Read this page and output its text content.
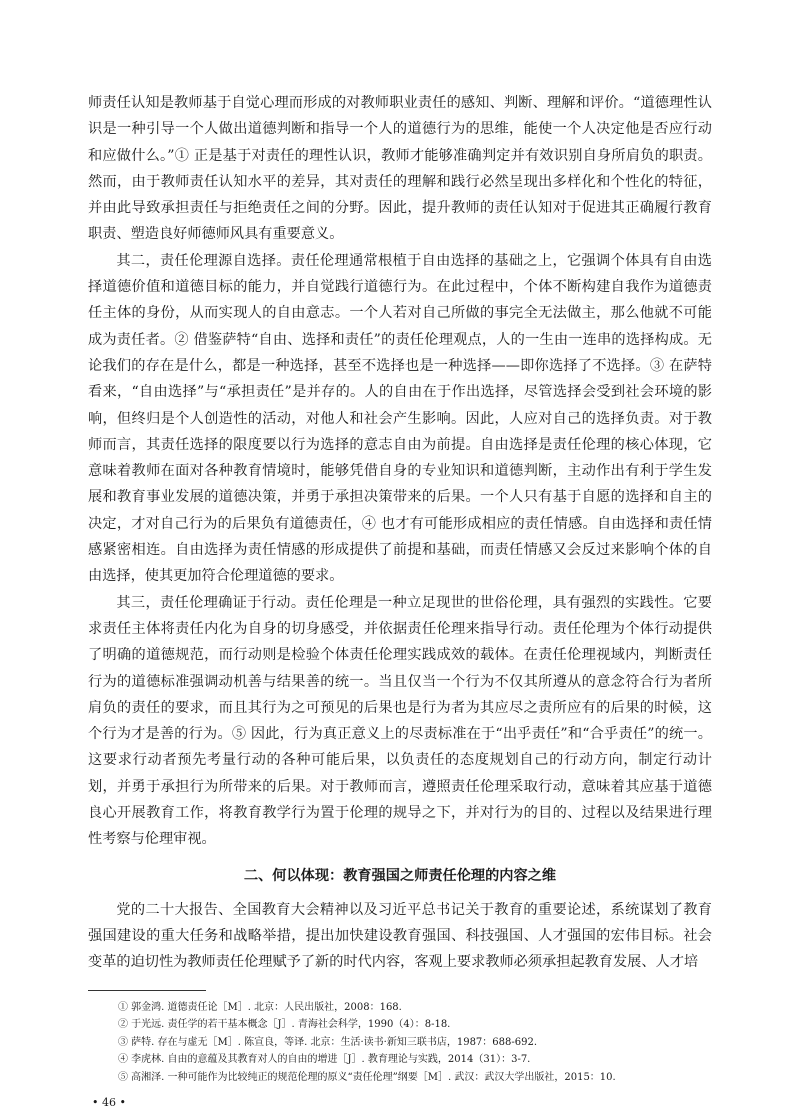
师责任认知是教师基于自觉心理而形成的对教师职业责任的感知、判断、理解和评价。“道德理性认识是一种引导一个人做出道德判断和指导一个人的道德行为的思维，能使一个人决定他是否应行动和应做什么。”① 正是基于对责任的理性认识，教师才能够准确判定并有效识别自身所肩负的职责。然而，由于教师责任认知水平的差异，其对责任的理解和践行必然呈现出多样化和个性化的特征，并由此导致承担责任与拒绝责任之间的分野。因此，提升教师的责任认知对于促进其正确履行教育职责、塑造良好师德师风具有重要意义。

其二，责任伦理源自选择。责任伦理通常根植于自由选择的基础之上，它强调个体具有自由选择道德价值和道德目标的能力，并自觉践行道德行为。在此过程中，个体不断构建自我作为道德责任主体的身份，从而实现人的自由意志。一个人若对自己所做的事完全无法做主，那么他就不可能成为责任者。② 借鉴萨特“自由、选择和责任”的责任伦理观点，人的一生由一连串的选择构成。无论我们的存在是什么，都是一种选择，甚至不选择也是一种选择——即你选择了不选择。③ 在萨特看来，“自由选择”与“承担责任”是并存的。人的自由在于作出选择，尽管选择会受到社会环境的影响，但终归是个人创造性的活动，对他人和社会产生影响。因此，人应对自己的选择负责。对于教师而言，其责任选择的限度要以行为选择的意志自由为前提。自由选择是责任伦理的核心体现，它意味着教师在面对各种教育情境时，能够凭借自身的专业知识和道德判断，主动作出有利于学生发展和教育事业发展的道德决策，并勇于承担决策带来的后果。一个人只有基于自愿的选择和自主的决定，才对自己行为的后果负有道德责任，④ 也才有可能形成相应的责任情感。自由选择和责任情感紧密相连。自由选择为责任情感的形成提供了前提和基础，而责任情感又会反过来影响个体的自由选择，使其更加符合伦理道德的要求。

其三，责任伦理确证于行动。责任伦理是一种立足现世的世俗伦理，具有强烈的实践性。它要求责任主体将责任内化为自身的切身感受，并依据责任伦理来指导行动。责任伦理为个体行动提供了明确的道德规范，而行动则是检验个体责任伦理实践成效的载体。在责任伦理视域内，判断责任行为的道德标准强调动机善与结果善的统一。当且仅当一个行为不仅其所遵从的意念符合行为者所肩负的责任的要求，而且其行为之可预见的后果也是行为者为其应尽之责所应有的后果的时候，这个行为才是善的行为。⑤ 因此，行为真正意义上的尽责标准在于“出乎责任”和“合乎责任”的统一。这要求行动者预先考量行动的各种可能后果，以负责任的态度规划自己的行动方向，制定行动计划，并勇于承担行为所带来的后果。对于教师而言，遵照责任伦理采取行动，意味着其应基于道德良心开展教育工作，将教育教学行为置于伦理的规导之下，并对行为的目的、过程以及结果进行理性考察与伦理审视。

二、何以体现：教育强国之师责任伦理的内容之维

党的二十大报告、全国教育大会精神以及习近平总书记关于教育的重要论述，系统谋划了教育强国建设的重大任务和战略举措，提出加快建设教育强国、科技强国、人才强国的宏伟目标。社会变革的迫切性为教师责任伦理赋予了新的时代内容，客观上要求教师必须承担起教育发展、人才培

① 郭金鸿. 道德责任论［M］. 北京：人民出版社，2008：168.

② 于光远. 责任学的若干基本概念［J］. 青海社会科学，1990（4）：8-18.

③ 萨特. 存在与虚无［M］. 陈宣良，等译. 北京：生活·读书·新知三联书店，1987：688-692.

④ 李虎林. 自由的意蕴及其教育对人的自由的增进［J］. 教育理论与实践，2014（31）：3-7.

⑤ 高湘泽. 一种可能作为比较纯正的规范伦理的原义“责任伦理”纲要［M］. 武汉：武汉大学出版社，2015：10.

• 46 •
